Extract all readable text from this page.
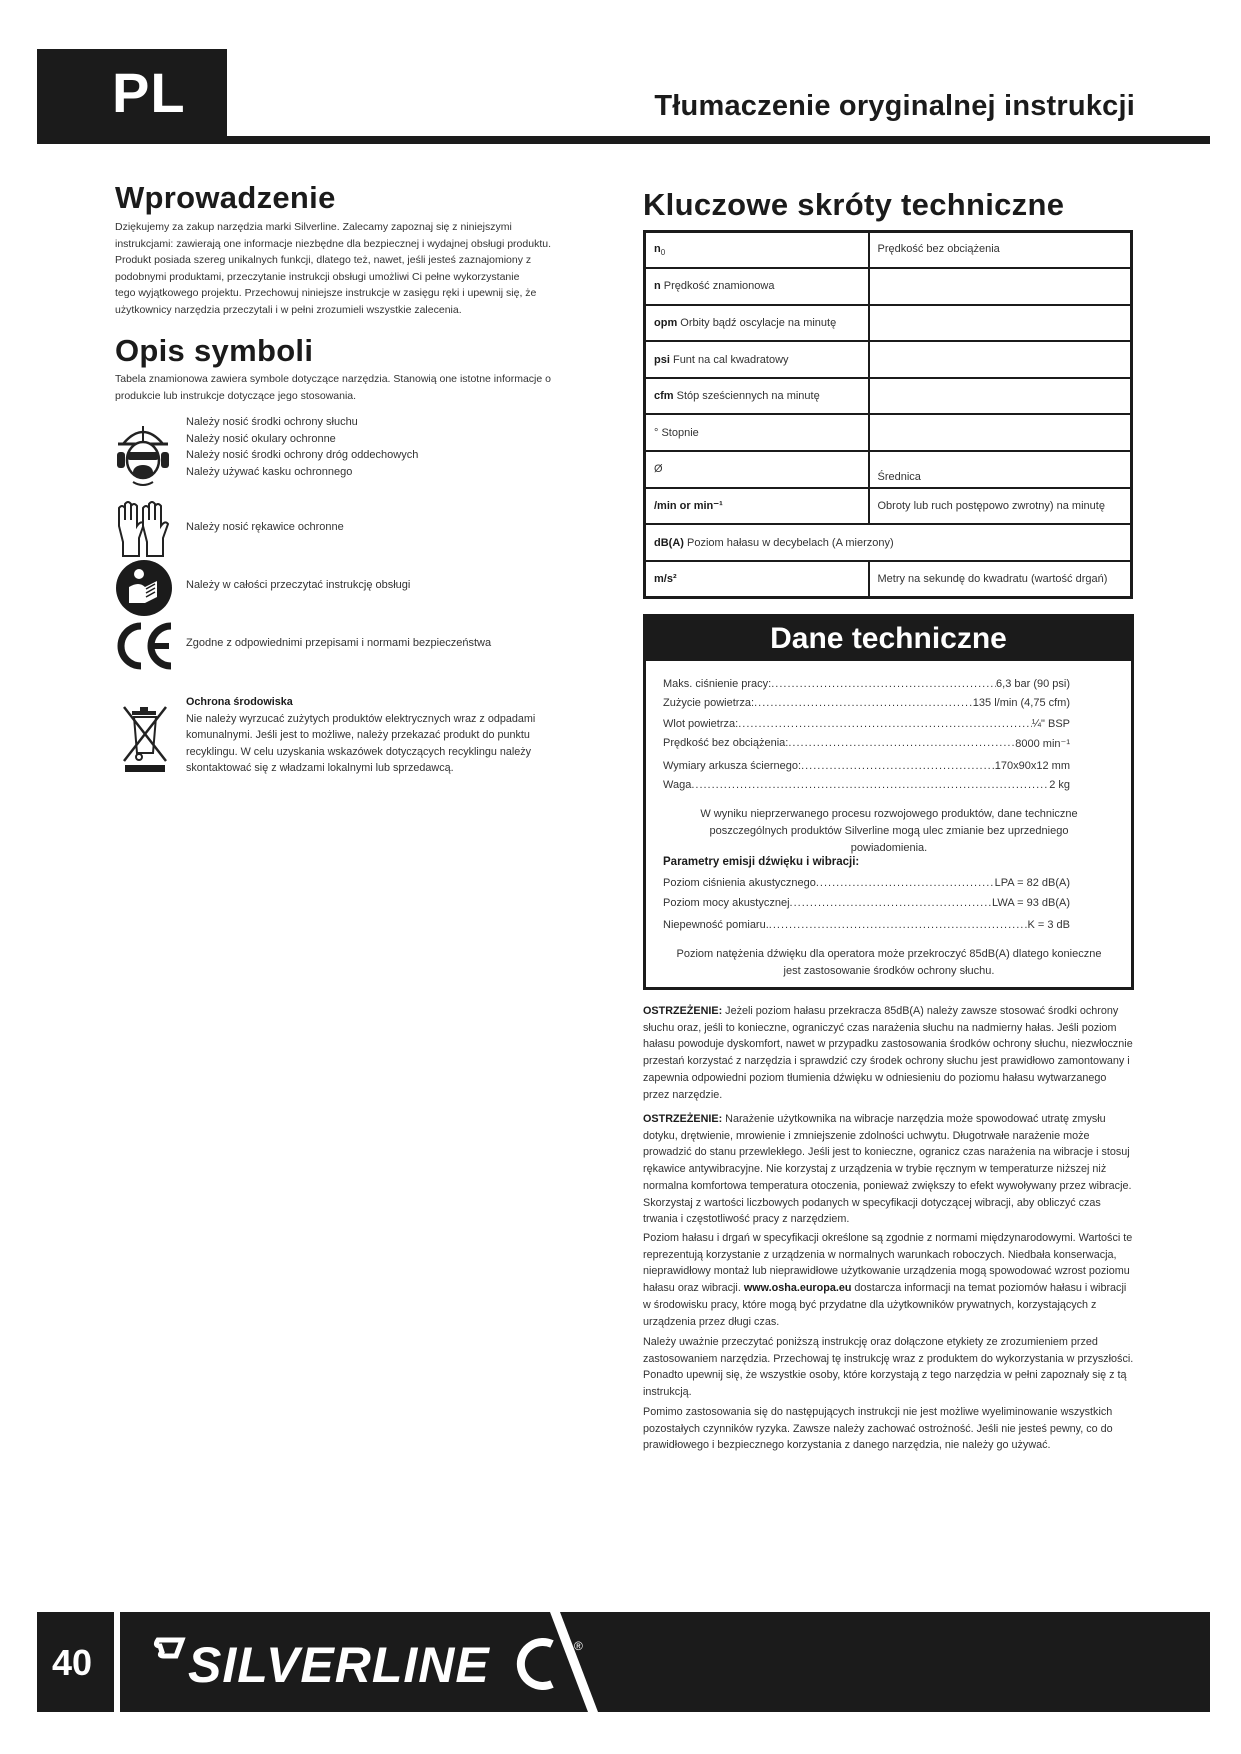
PL	Tłumaczenie oryginalnej instrukcji
Wprowadzenie
Dziękujemy za zakup narzędzia marki Silverline. Zalecamy zapoznaj się z niniejszymi
instrukcjami: zawierają one informacje niezbędne dla bezpiecznej i wydajnej obsługi produktu.
Produkt posiada szereg unikalnych funkcji, dlatego też, nawet, jeśli jesteś zaznajomiony z
podobnymi produktami, przeczytanie instrukcji obsługi umożliwi Ci pełne wykorzystanie
tego wyjątkowego projektu. Przechowuj niniejsze instrukcje w zasięgu ręki i upewnij się, że
użytkownicy narzędzia przeczytali i w pełni zrozumieli wszystkie zalecenia.
Opis symboli
Tabela znamionowa zawiera symbole dotyczące narzędzia. Stanowią one istotne informacje o
produkcie lub instrukcje dotyczące jego stosowania.
Należy nosić środki ochrony słuchu
Należy nosić okulary ochronne
Należy nosić środki ochrony dróg oddechowych
Należy używać kasku ochronnego
Należy nosić rękawice ochronne
Należy w całości przeczytać instrukcję obsługi
Zgodne z odpowiednimi przepisami i normami bezpieczeństwa
Ochrona środowiska
Nie należy wyrzucać zużytych produktów elektrycznych wraz z odpadami
komunalnymi. Jeśli jest to możliwe, należy przekazać produkt do punktu
recyklingu. W celu uzyskania wskazówek dotyczących recyklingu należy
skontaktować się z władzami lokalnymi lub sprzedawcą.
Kluczowe skróty techniczne
$n_0$	Prędkość bez obciążenia
n Prędkość znamionowa	
opm Orbity bądź oscylacje na minutę	
psi Funt na cal kwadratowy	
cfm Stóp sześciennych na minutę	
° Stopnie	
Ø	Średnica
/min or min⁻¹	Obroty lub ruch postępowo zwrotny) na minutę
dB(A) Poziom hałasu w decybelach (A mierzony)	
m/s²	Metry na sekundę do kwadratu (wartość drgań)
Dane techniczne
Maks. ciśnienie pracy: .....	6,3 bar (90 psi)
Zużycie powietrza: .....	135 l/min (4,75 cfm)
Wlot powietrza: .....	¼" BSP
Prędkość bez obciążenia: .....	8000 min⁻¹
Wymiary arkusza ściernego: .....	170x90x12 mm
Waga .....	2 kg
W wyniku nieprzerwanego procesu rozwojowego produktów, dane techniczne poszczególnych produktów Silverline mogą ulec zmianie bez uprzedniego powiadomienia.
Parametry emisji dźwięku i wibracji:
Poziom ciśnienia akustycznego .....	LPA = 82 dB(A)
Poziom mocy akustycznej .....	LWA = 93 dB(A)
Niepewność pomiaru. .....	K = 3 dB
Poziom natężenia dźwięku dla operatora może przekroczyć 85dB(A) dlatego konieczne jest zastosowanie środków ochrony słuchu.
OSTRZEŻENIE: Jeżeli poziom hałasu przekracza 85dB(A) należy zawsze stosować środki ochrony słuchu oraz, jeśli to konieczne, ograniczyć czas narażenia słuchu na nadmierny hałas. Jeśli poziom hałasu powoduje dyskomfort, nawet w przypadku zastosowania środków ochrony słuchu, niezwłocznie przestań korzystać z narzędzia i sprawdzić czy środek ochrony słuchu jest prawidłowo zamontowany i zapewnia odpowiedni poziom tłumienia dźwięku w odniesieniu do poziomu hałasu wytwarzanego przez narzędzie.
OSTRZEŻENIE: Narażenie użytkownika na wibracje narzędzia może spowodować utratę zmysłu dotyku, drętwienie, mrowienie i zmniejszenie zdolności uchwytu. Długotrwałe narażenie może prowadzić do stanu przewlekłego. Jeśli jest to konieczne, ogranicz czas narażenia na wibracje i stosuj rękawice antywibracyjne. Nie korzystaj z urządzenia w trybie ręcznym w temperaturze niższej niż normalna komfortowa temperatura otoczenia, ponieważ zwiększy to efekt wywoływany przez wibracje. Skorzystaj z wartości liczbowych podanych w specyfikacji dotyczącej wibracji, aby obliczyć czas trwania i częstotliwość pracy z narzędziem.
Poziom hałasu i drgań w specyfikacji określone są zgodnie z normami międzynarodowymi. Wartości te reprezentują korzystanie z urządzenia w normalnych warunkach roboczych. Niedbała konserwacja, nieprawidłowy montaż lub nieprawidłowe użytkowanie urządzenia mogą spowodować wzrost poziomu hałasu oraz wibracji. www.osha.europa.eu dostarcza informacji na temat poziomów hałasu i wibracji w środowisku pracy, które mogą być przydatne dla użytkowników prywatnych, korzystających z urządzenia przez długi czas.
Należy uważnie przeczytać poniższą instrukcję oraz dołączone etykiety ze zrozumieniem przed zastosowaniem narzędzia. Przechowaj tę instrukcję wraz z produktem do wykorzystania w przyszłości. Ponadto upewnij się, że wszystkie osoby, które korzystają z tego narzędzia w pełni zapoznały się z tą instrukcją.
Pomimo zastosowania się do następujących instrukcji nie jest możliwe wyeliminowanie wszystkich pozostałych czynników ryzyka. Zawsze należy zachować ostrożność. Jeśli nie jesteś pewny, co do prawidłowego i bezpiecznego korzystania z danego narzędzia, nie należy go używać.
40 SILVERLINE	®
